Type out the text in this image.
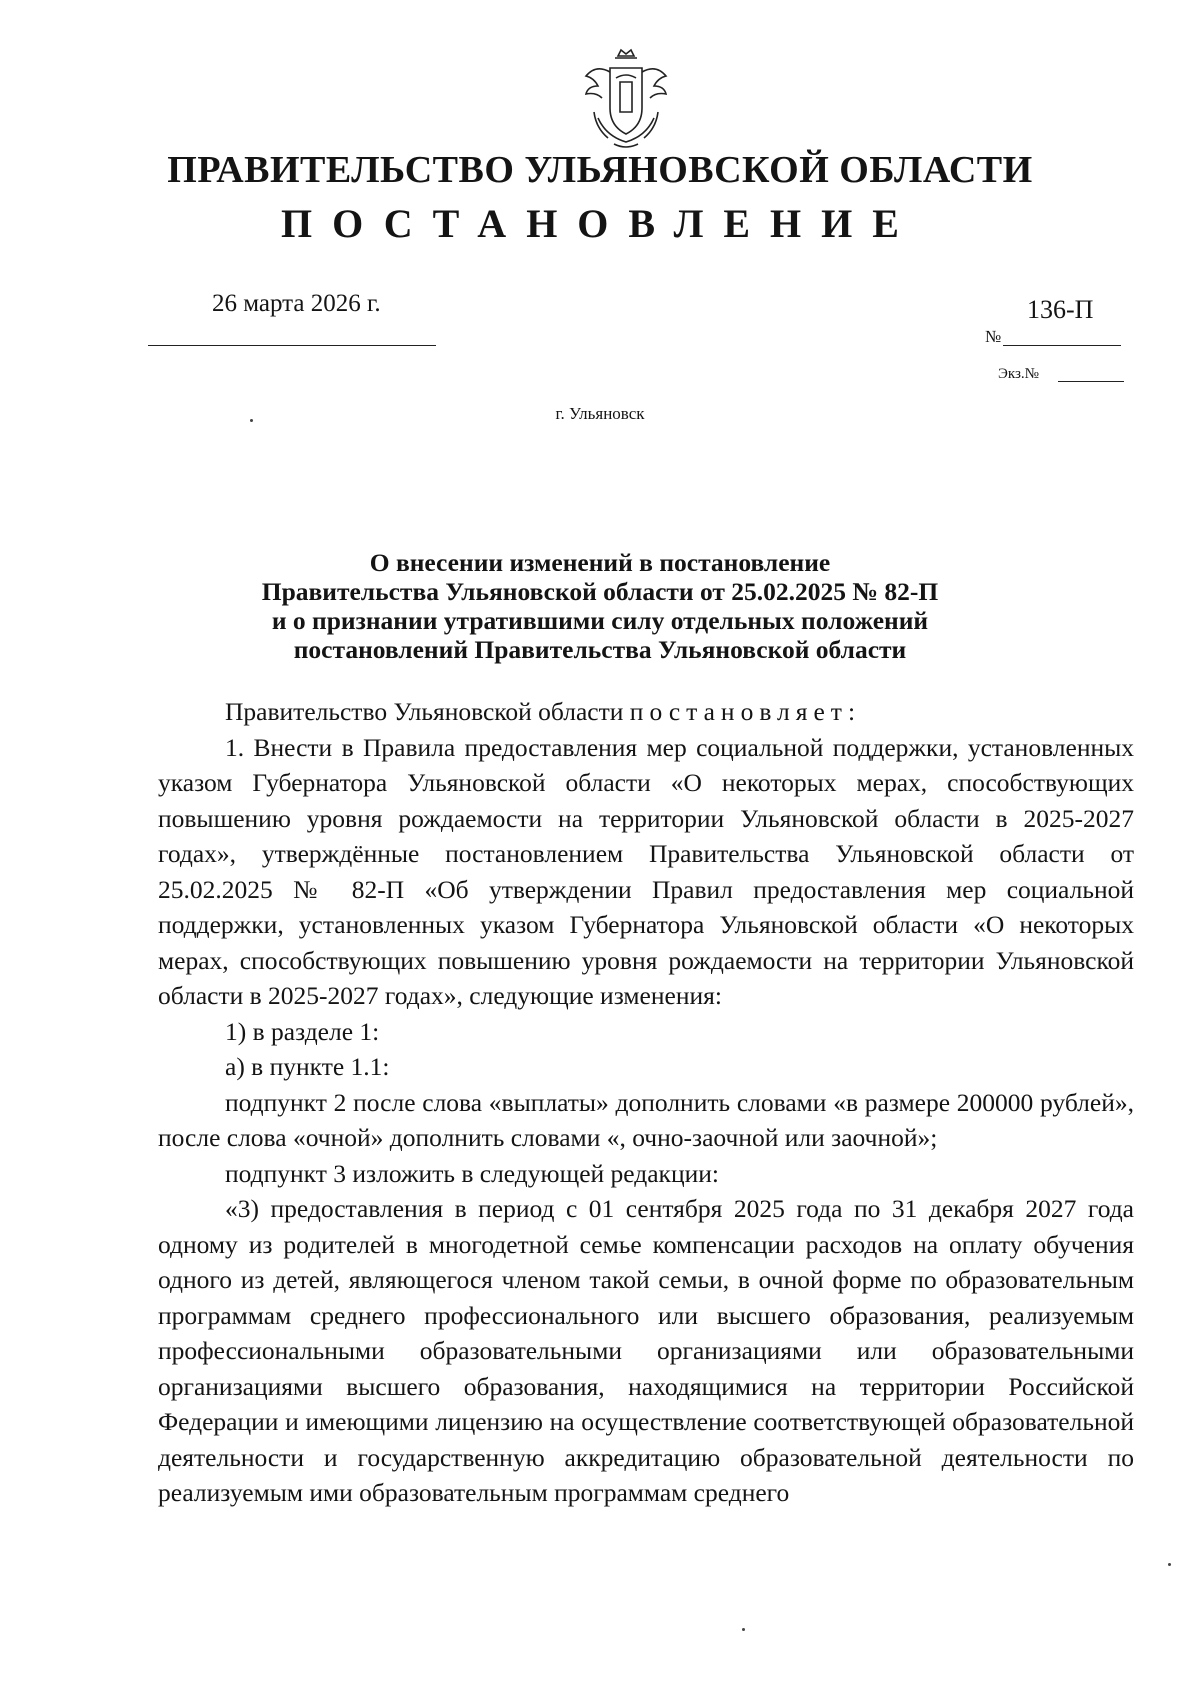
ПРАВИТЕЛЬСТВО УЛЬЯНОВСКОЙ ОБЛАСТИ
ПОСТАНОВЛЕНИЕ
26 марта 2026 г.	136-П
№
Экз.№
г. Ульяновск
О внесении изменений в постановление
Правительства Ульяновской области от 25.02.2025 № 82-П
и о признании утратившими силу отдельных положений
постановлений Правительства Ульяновской области

Правительство Ульяновской области постановляет:

1. Внести в Правила предоставления мер социальной поддержки, установленных указом Губернатора Ульяновской области «О некоторых мерах, способствующих повышению уровня рождаемости на территории Ульяновской области в 2025-2027 годах», утверждённые постановлением Правительства Ульяновской области от 25.02.2025 № 82-П «Об утверждении Правил предоставления мер социальной поддержки, установленных указом Губернатора Ульяновской области «О некоторых мерах, способствующих повышению уровня рождаемости на территории Ульяновской области в 2025-2027 годах», следующие изменения:

1) в разделе 1:

а) в пункте 1.1:

подпункт 2 после слова «выплаты» дополнить словами «в размере 200000 рублей», после слова «очной» дополнить словами «, очно-заочной или заочной»;

подпункт 3 изложить в следующей редакции:

«3) предоставления в период с 01 сентября 2025 года по 31 декабря 2027 года одному из родителей в многодетной семье компенсации расходов на оплату обучения одного из детей, являющегося членом такой семьи, в очной форме по образовательным программам среднего профессионального или высшего образования, реализуемым профессиональными образовательными организациями или образовательными организациями высшего образования, находящимися на территории Российской Федерации и имеющими лицензию на осуществление соответствующей образовательной деятельности и государственную аккредитацию образовательной деятельности по реализуемым ими образовательным программам среднего
